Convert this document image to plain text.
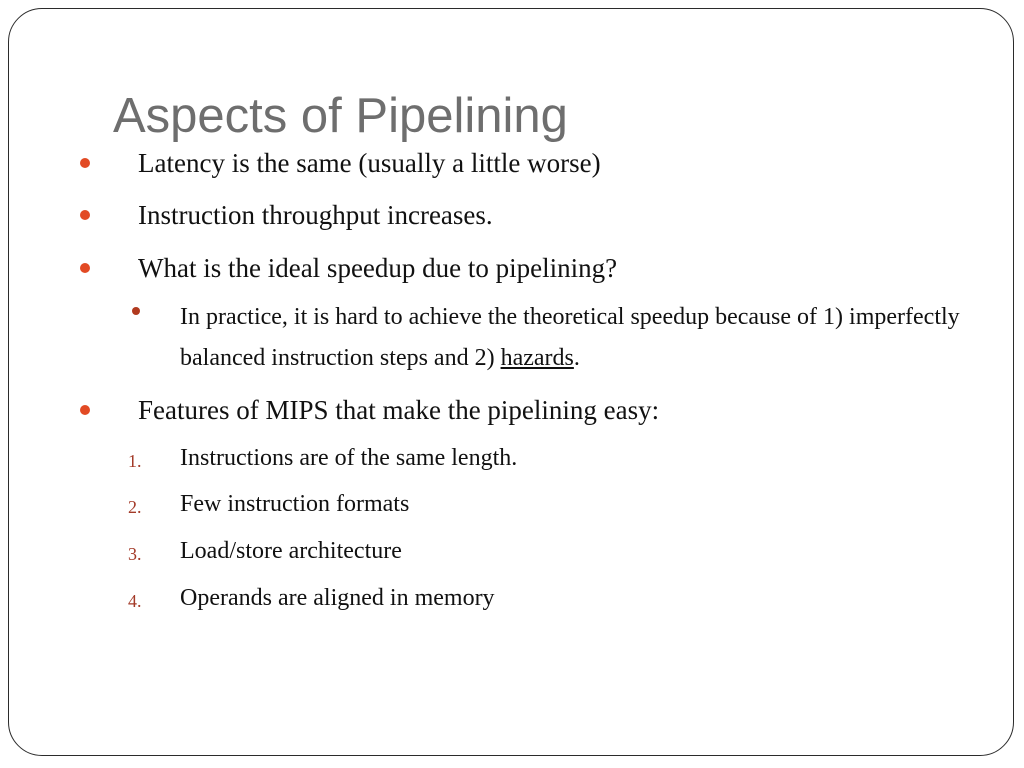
Aspects of Pipelining
Latency is the same (usually a little worse)
Instruction throughput increases.
What is the ideal speedup due to pipelining?
In practice, it is hard to achieve the theoretical speedup because of 1) imperfectly balanced instruction steps and 2) hazards.
Features of MIPS that make the pipelining easy:
1. Instructions are of the same length.
2. Few instruction formats
3. Load/store architecture
4. Operands are aligned in memory
